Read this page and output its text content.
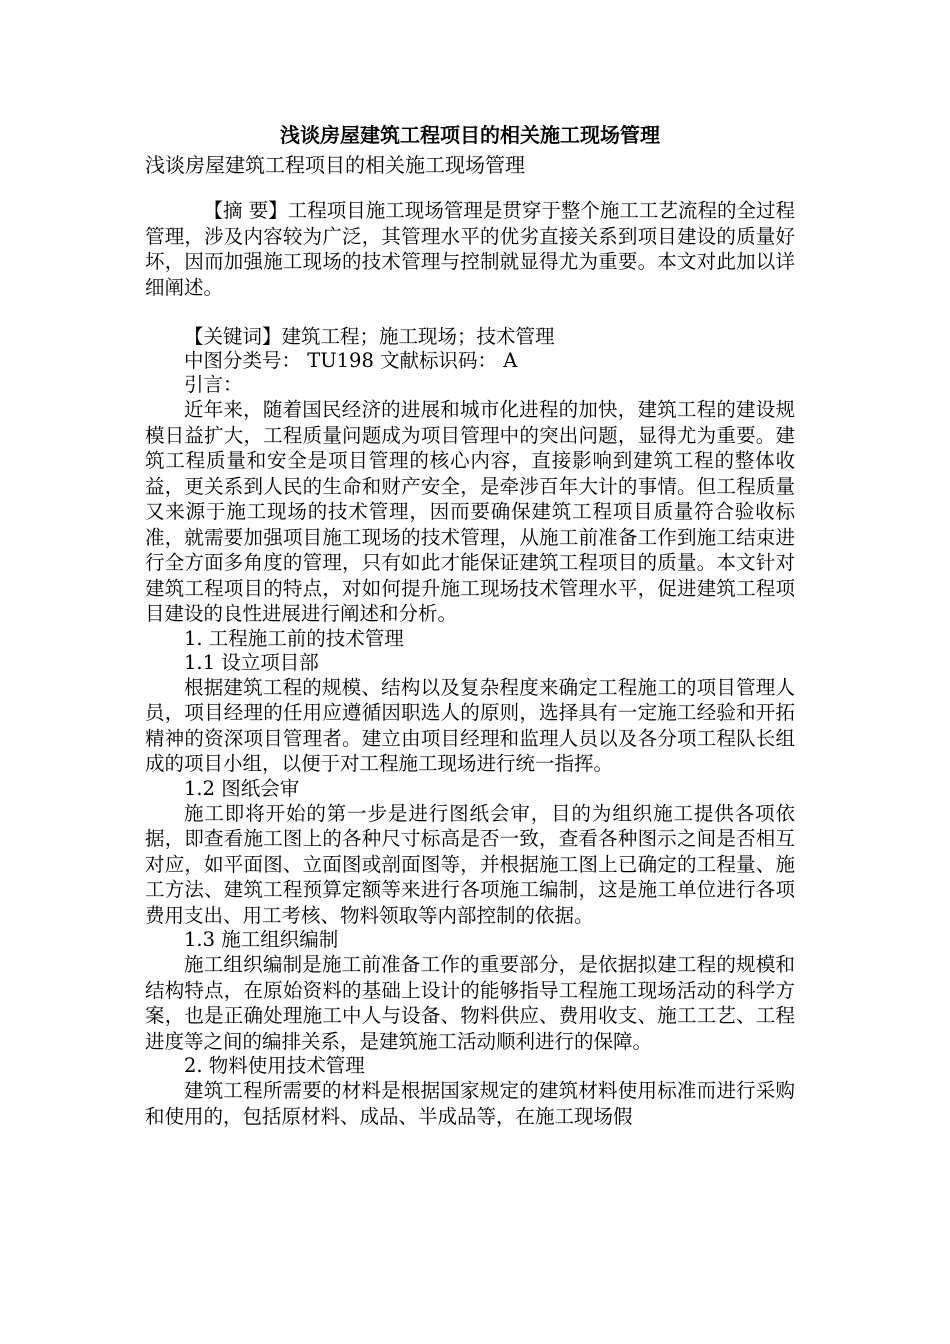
浅谈房屋建筑工程项目的相关施工现场管理

浅谈房屋建筑工程项目的相关施工现场管理

【摘 要】工程项目施工现场管理是贯穿于整个施工工艺流程的全过程管理，涉及内容较为广泛，其管理水平的优劣直接关系到项目建设的质量好坏，因而加强施工现场的技术管理与控制就显得尤为重要。本文对此加以详细阐述。

【关键词】建筑工程；施工现场；技术管理

中图分类号： TU198 文献标识码： A

引言：

近年来，随着国民经济的进展和城市化进程的加快，建筑工程的建设规模日益扩大，工程质量问题成为项目管理中的突出问题，显得尤为重要。建筑工程质量和安全是项目管理的核心内容，直接影响到建筑工程的整体收益，更关系到人民的生命和财产安全，是牵涉百年大计的事情。但工程质量又来源于施工现场的技术管理，因而要确保建筑工程项目质量符合验收标准，就需要加强项目施工现场的技术管理，从施工前准备工作到施工结束进行全方面多角度的管理，只有如此才能保证建筑工程项目的质量。本文针对建筑工程项目的特点，对如何提升施工现场技术管理水平，促进建筑工程项目建设的良性进展进行阐述和分析。

1. 工程施工前的技术管理

1.1 设立项目部

根据建筑工程的规模、结构以及复杂程度来确定工程施工的项目管理人员，项目经理的任用应遵循因职选人的原则，选择具有一定施工经验和开拓精神的资深项目管理者。建立由项目经理和监理人员以及各分项工程队长组成的项目小组，以便于对工程施工现场进行统一指挥。

1.2 图纸会审

施工即将开始的第一步是进行图纸会审，目的为组织施工提供各项依据，即查看施工图上的各种尺寸标高是否一致，查看各种图示之间是否相互对应，如平面图、立面图或剖面图等，并根据施工图上已确定的工程量、施工方法、建筑工程预算定额等来进行各项施工编制，这是施工单位进行各项费用支出、用工考核、物料领取等内部控制的依据。

1.3 施工组织编制

施工组织编制是施工前准备工作的重要部分，是依据拟建工程的规模和结构特点，在原始资料的基础上设计的能够指导工程施工现场活动的科学方案，也是正确处理施工中人与设备、物料供应、费用收支、施工工艺、工程进度等之间的编排关系，是建筑施工活动顺利进行的保障。

2. 物料使用技术管理

建筑工程所需要的材料是根据国家规定的建筑材料使用标准而进行采购和使用的，包括原材料、成品、半成品等，在施工现场假
